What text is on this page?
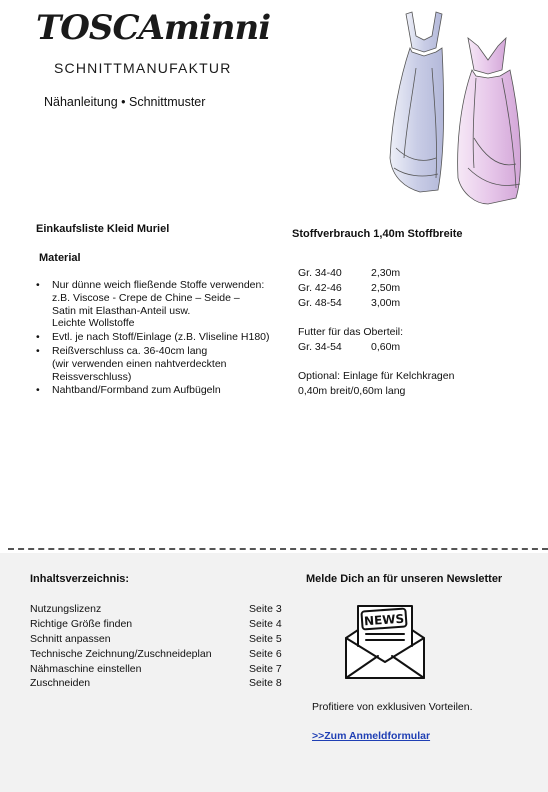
TOSCAminni
SCHNITTMANUFAKTUR
Nähanleitung • Schnittmuster
Einkaufsliste Kleid Muriel
Material
• Nur dünne weich fließende Stoffe verwenden:
z.B. Viscose - Crepe de Chine – Seide –
Satin mit Elasthan-Anteil usw.
Leichte Wollstoffe
• Evtl. je nach Stoff/Einlage (z.B. Vliseline H180)
• Reißverschluss ca. 36-40cm lang
(wir verwenden einen nahtverdeckten
Reissverschluss)
• Nahtband/Formband zum Aufbügeln
Stoffverbrauch 1,40m Stoffbreite
Gr. 34-40	2,30m
Gr. 42-46	2,50m
Gr. 48-54	3,00m
Futter für das Oberteil:
Gr. 34-54	0,60m
Optional: Einlage für Kelchkragen
0,40m breit/0,60m lang
Inhaltsverzeichnis:
Nutzungslizenz	Seite 3
Richtige Größe finden	Seite 4
Schnitt anpassen	Seite 5
Technische Zeichnung/Zuschneideplan	Seite 6
Nähmaschine einstellen	Seite 7
Zuschneiden	Seite 8
Melde Dich an für unseren Newsletter
NEWS
Profitiere von exklusiven Vorteilen.
>>Zum Anmeldformular
